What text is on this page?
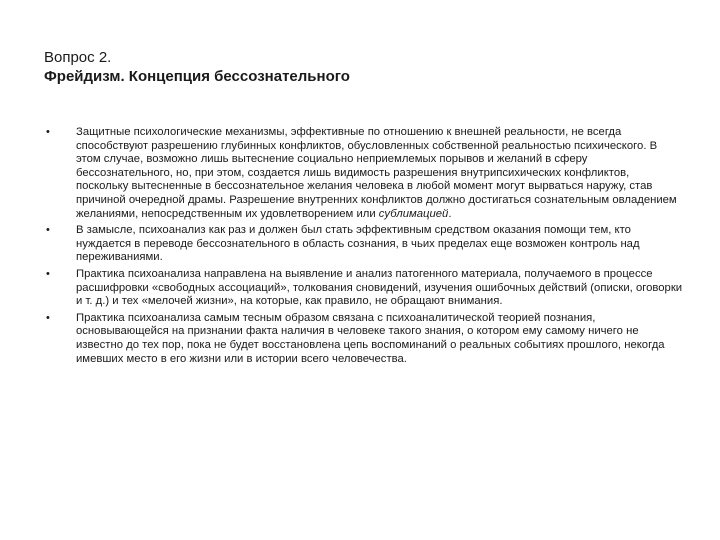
Вопрос 2.

Фрейдизм. Концепция бессознательного

•	Защитные психологические механизмы, эффективные по отношению к внешней реальности, не всегда способствуют разрешению глубинных конфликтов, обусловленных собственной реальностью психического. В этом случае, возможно лишь вытеснение социально неприемлемых порывов и желаний в сферу бессознательного, но, при этом, создается лишь видимость разрешения внутрипсихических конфликтов, поскольку вытесненные в бессознательное желания человека в любой момент могут вырваться наружу, став причиной очередной драмы. Разрешение внутренних конфликтов должно достигаться сознательным овладением желаниями, непосредственным их удовлетворением или сублимацией.
•	В замысле, психоанализ как раз и должен был стать эффективным средством оказания помощи тем, кто нуждается в переводе бессознательного в область сознания, в чьих пределах еще возможен контроль над переживаниями.
•	Практика психоанализа направлена на выявление и анализ патогенного материала, получаемого в процессе расшифровки «свободных ассоциаций», толкования сновидений, изучения ошибочных действий (описки, оговорки и т. д.) и тех «мелочей жизни», на которые, как правило, не обращают внимания.
•	Практика психоанализа самым тесным образом связана с психоаналитической теорией познания, основывающейся на признании факта наличия в человеке такого знания, о котором ему самому ничего не известно до тех пор, пока не будет восстановлена цепь воспоминаний о реальных событиях прошлого, некогда имевших место в его жизни или в истории всего человечества.
